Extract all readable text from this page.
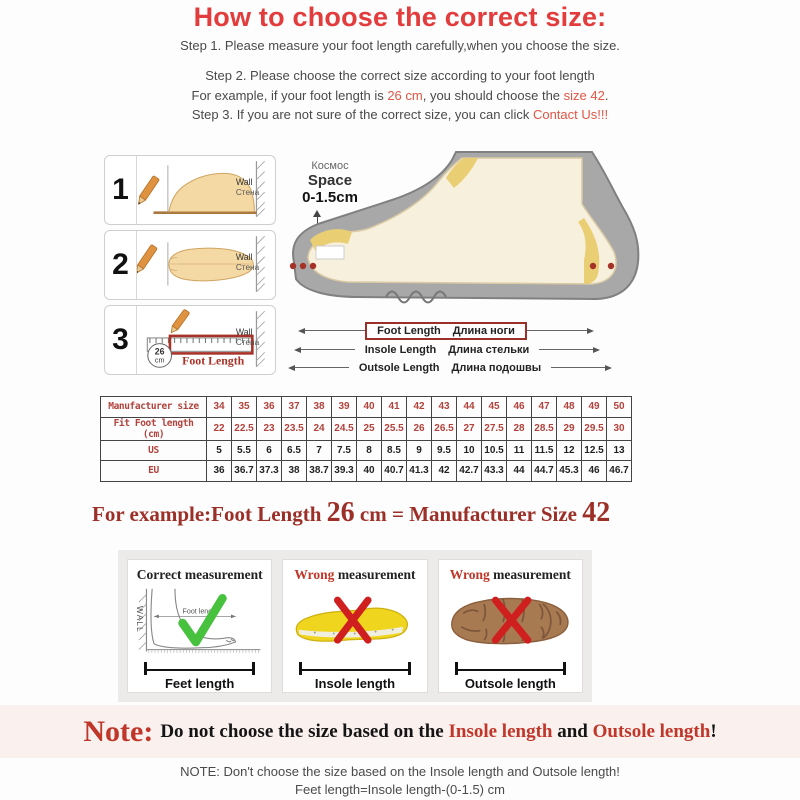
How to choose the correct size:

Step 1. Please measure your foot length carefully,when you choose the size.

Step 2. Please choose the correct size according to your foot length

For example, if your foot length is 26 cm, you should choose the size 42.

Step 3. If you are not sure of the correct size, you can click Contact Us!!!

1	Wall
Стена
2	Wall
Стена
3	26
cm Foot Length
Wall
Стена
Космос
Space
0-1.5cm
Foot Length Длина ноги
Insole Length Длина стельки
Outsole Length Длина подошвы
Manufacturer size	34	35	36	37	38	39	40	41	42	43	44	45	46	47	48	49	50
Fit Foot length (cm)	22	22.5	23	23.5	24	24.5	25	25.5	26	26.5	27	27.5	28	28.5	29	29.5	30
US	5	5.5	6	6.5	7	7.5	8	8.5	9	9.5	10	10.5	11	11.5	12	12.5	13
EU	36	36.7	37.3	38	38.7	39.3	40	40.7	41.3	42	42.7	43.3	44	44.7	45.3	46	46.7
For example:Foot Length 26 cm = Manufacturer Size 42
Correct measurement
WALL	Foot length
Feet length
Wrong measurement
Insole length
Wrong measurement
Outsole length
Note: Do not choose the size based on the Insole length and Outsole length !

NOTE: Don't choose the size based on the Insole length and Outsole length!
Feet length=Insole length-(0-1.5) cm
